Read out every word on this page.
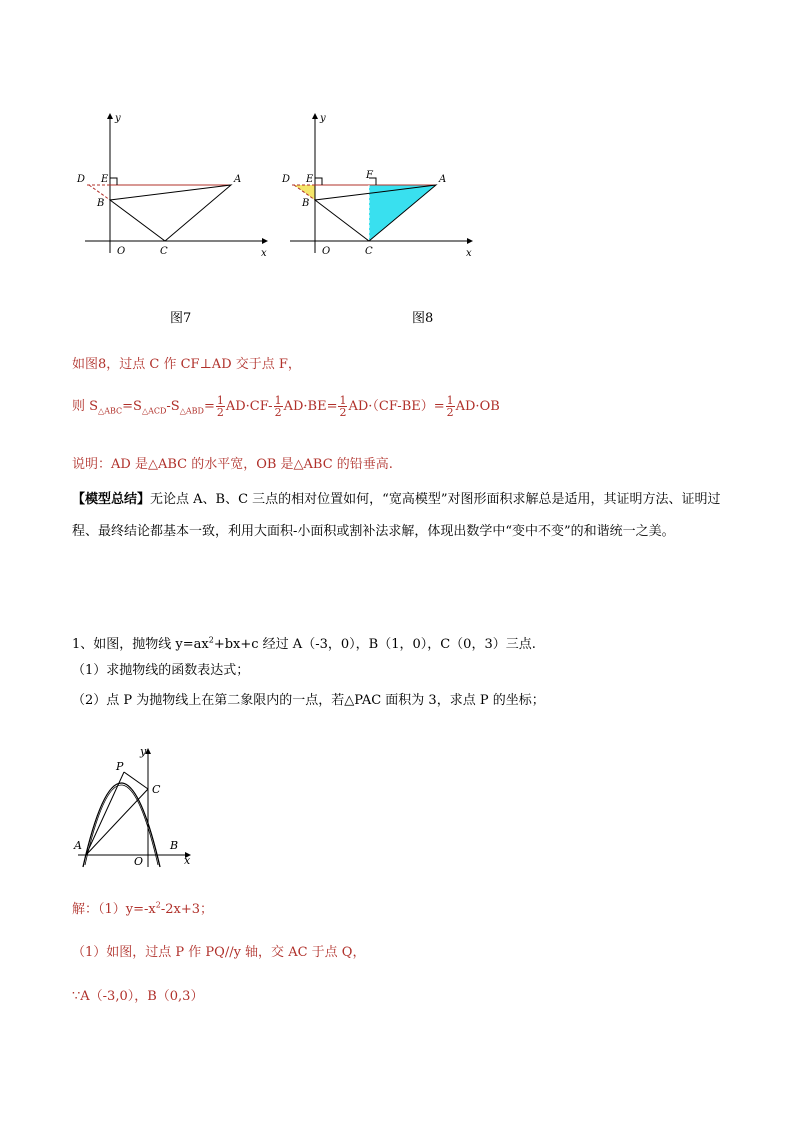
y
D E	A
B
O	C	x
y
D E	F	A
B
O	C	x
图7	图8
如图8，过点 C 作 CF⊥AD 交于点 F，
则 $S_{\triangle ABC}=S_{\triangle ACD}-S_{\triangle ABD}= \frac{1}{2} AD\cdot CF- \frac{1}{2} AD\cdot BE= \frac{1}{2} AD\cdot(CF-BE)= \frac{1}{2} AD\cdot OB$
说明：AD 是△ABC 的水平宽，OB 是△ABC 的铅垂高.
【模型总结】无论点 A、B、C 三点的相对位置如何，“宽高模型”对图形面积求解总是适用，其证明方法、证明过程、最终结论都基本一致，利用大面积-小面积或割补法求解，体现出数学中“变中不变”的和谐统一之美。
1、如图，抛物线 $y=ax^2+bx+c$ 经过 A（-3，0），B（1，0），C（0，3）三点.
（1）求抛物线的函数表达式；
（2）点 P 为抛物线上在第二象限内的一点，若△PAC 面积为 3，求点 P 的坐标；
y
P
C
A	B
O	x
解：$(1)y=-x^2-2x+3$；
（1）如图，过点 P 作 PQ//y 轴，交 AC 于点 Q，
∵A（-3,0），B（0,3）
